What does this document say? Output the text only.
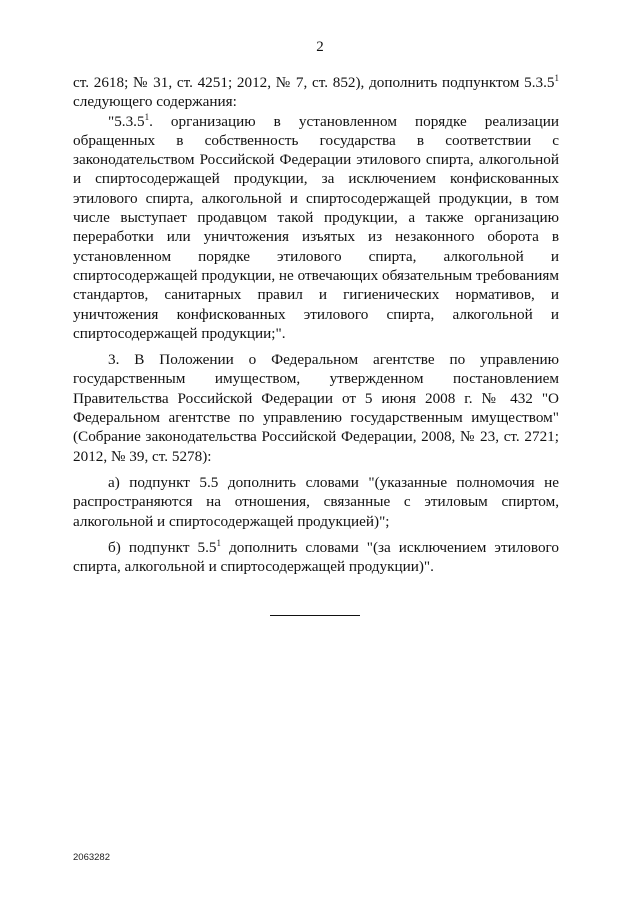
2

ст. 2618; № 31, ст. 4251; 2012, № 7, ст. 852), дополнить подпунктом 5.3.5$^1$ следующего содержания:

"5.3.5$^1$. организацию в установленном порядке реализации обращенных в собственность государства в соответствии с законодательством Российской Федерации этилового спирта, алкогольной и спиртосодержащей продукции, за исключением конфискованных этилового спирта, алкогольной и спиртосодержащей продукции, в том числе выступает продавцом такой продукции, а также организацию переработки или уничтожения изъятых из незаконного оборота в установленном порядке этилового спирта, алкогольной и спиртосодержащей продукции, не отвечающих обязательным требованиям стандартов, санитарных правил и гигиенических нормативов, и уничтожения конфискованных этилового спирта, алкогольной и спиртосодержащей продукции;".

3. В Положении о Федеральном агентстве по управлению государственным имуществом, утвержденном постановлением Правительства Российской Федерации от 5 июня 2008 г. № 432 "О Федеральном агентстве по управлению государственным имуществом" (Собрание законодательства Российской Федерации, 2008, № 23, ст. 2721; 2012, № 39, ст. 5278):

а) подпункт 5.5 дополнить словами "(указанные полномочия не распространяются на отношения, связанные с этиловым спиртом, алкогольной и спиртосодержащей продукцией)";

б) подпункт $5.5^1$ дополнить словами "(за исключением этилового спирта, алкогольной и спиртосодержащей продукции)".

2063282
